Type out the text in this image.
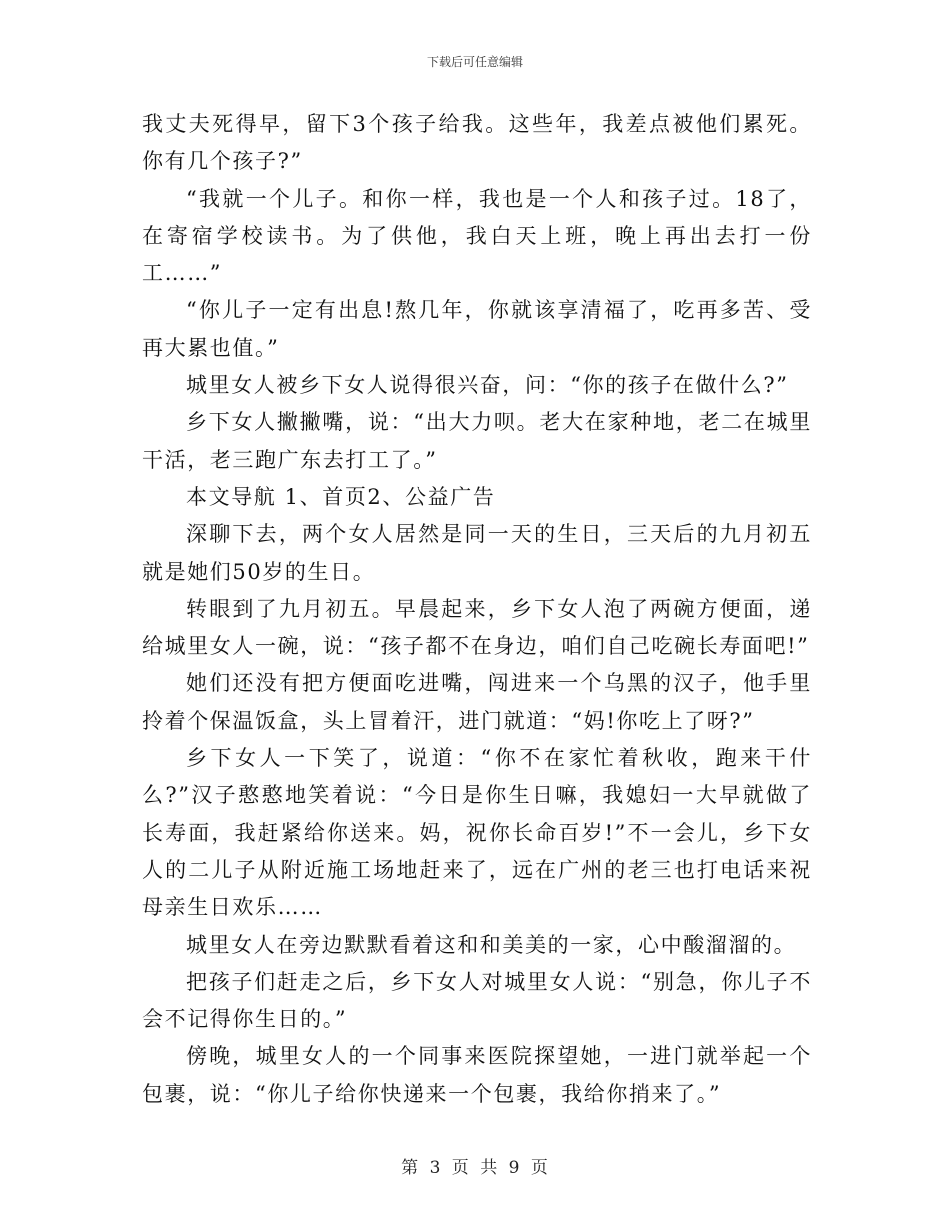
下载后可任意编辑

我丈夫死得早，留下3个孩子给我。这些年，我差点被他们累死。你有几个孩子?”

“我就一个儿子。和你一样，我也是一个人和孩子过。18了，在寄宿学校读书。为了供他，我白天上班，晚上再出去打一份工……”

“你儿子一定有出息!熬几年，你就该享清福了，吃再多苦、受再大累也值。”

城里女人被乡下女人说得很兴奋，问：“你的孩子在做什么?”

乡下女人撇撇嘴，说：“出大力呗。老大在家种地，老二在城里干活，老三跑广东去打工了。”

本文导航 1、首页2、公益广告

深聊下去，两个女人居然是同一天的生日，三天后的九月初五就是她们50岁的生日。

转眼到了九月初五。早晨起来，乡下女人泡了两碗方便面，递给城里女人一碗，说：“孩子都不在身边，咱们自己吃碗长寿面吧!”

她们还没有把方便面吃进嘴，闯进来一个乌黑的汉子，他手里拎着个保温饭盒，头上冒着汗，进门就道：“妈!你吃上了呀?”

乡下女人一下笑了，说道：“你不在家忙着秋收，跑来干什么?”汉子憨憨地笑着说：“今日是你生日嘛，我媳妇一大早就做了长寿面，我赶紧给你送来。妈，祝你长命百岁!”不一会儿，乡下女人的二儿子从附近施工场地赶来了，远在广州的老三也打电话来祝母亲生日欢乐……

城里女人在旁边默默看着这和和美美的一家，心中酸溜溜的。

把孩子们赶走之后，乡下女人对城里女人说：“别急，你儿子不会不记得你生日的。”

傍晚，城里女人的一个同事来医院探望她，一进门就举起一个包裹，说：“你儿子给你快递来一个包裹，我给你捎来了。”

第 3 页 共 9 页
